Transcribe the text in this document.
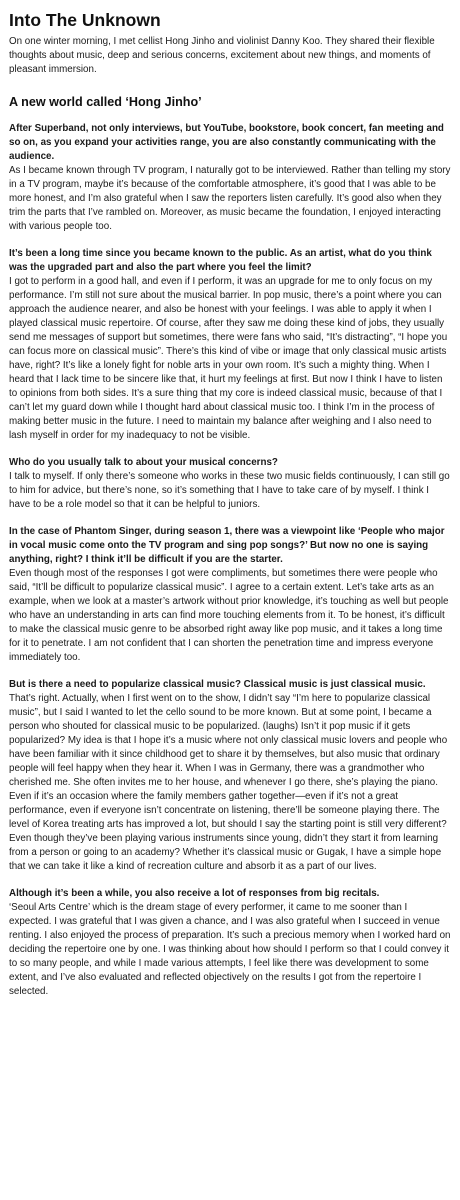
Into The Unknown

On one winter morning, I met cellist Hong Jinho and violinist Danny Koo. They shared their flexible thoughts about music, deep and serious concerns, excitement about new things, and moments of pleasant immersion.

A new world called ‘Hong Jinho’

After Superband, not only interviews, but YouTube, bookstore, book concert, fan meeting and so on, as you expand your activities range, you are also constantly communicating with the audience.

As I became known through TV program, I naturally got to be interviewed. Rather than telling my story in a TV program, maybe it’s because of the comfortable atmosphere, it’s good that I was able to be more honest, and I’m also grateful when I saw the reporters listen carefully. It’s good also when they trim the parts that I’ve rambled on. Moreover, as music became the foundation, I enjoyed interacting with various people too.

It’s been a long time since you became known to the public. As an artist, what do you think was the upgraded part and also the part where you feel the limit?

I got to perform in a good hall, and even if I perform, it was an upgrade for me to only focus on my performance. I’m still not sure about the musical barrier. In pop music, there’s a point where you can approach the audience nearer, and also be honest with your feelings. I was able to apply it when I played classical music repertoire. Of course, after they saw me doing these kind of jobs, they usually send me messages of support but sometimes, there were fans who said, “It’s distracting”, “I hope you can focus more on classical music”. There’s this kind of vibe or image that only classical music artists have, right? It’s like a lonely fight for noble arts in your own room. It’s such a mighty thing. When I heard that I lack time to be sincere like that, it hurt my feelings at first. But now I think I have to listen to opinions from both sides. It’s a sure thing that my core is indeed classical music, because of that I can’t let my guard down while I thought hard about classical music too. I think I’m in the process of making better music in the future. I need to maintain my balance after weighing and I also need to lash myself in order for my inadequacy to not be visible.

Who do you usually talk to about your musical concerns?

I talk to myself. If only there’s someone who works in these two music fields continuously, I can still go to him for advice, but there’s none, so it’s something that I have to take care of by myself. I think I have to be a role model so that it can be helpful to juniors.

In the case of Phantom Singer, during season 1, there was a viewpoint like ‘People who major in vocal music come onto the TV program and sing pop songs?’ But now no one is saying anything, right? I think it’ll be difficult if you are the starter.

Even though most of the responses I got were compliments, but sometimes there were people who said, “It’ll be difficult to popularize classical music”. I agree to a certain extent. Let’s take arts as an example, when we look at a master’s artwork without prior knowledge, it’s touching as well but people who have an understanding in arts can find more touching elements from it. To be honest, it’s difficult to make the classical music genre to be absorbed right away like pop music, and it takes a long time for it to penetrate. I am not confident that I can shorten the penetration time and impress everyone immediately too.

But is there a need to popularize classical music? Classical music is just classical music.

That’s right. Actually, when I first went on to the show, I didn’t say “I’m here to popularize classical music”, but I said I wanted to let the cello sound to be more known. But at some point, I became a person who shouted for classical music to be popularized. (laughs) Isn’t it pop music if it gets popularized? My idea is that I hope it’s a music where not only classical music lovers and people who have been familiar with it since childhood get to share it by themselves, but also music that ordinary people will feel happy when they hear it. When I was in Germany, there was a grandmother who cherished me. She often invites me to her house, and whenever I go there, she’s playing the piano. Even if it’s an occasion where the family members gather together—even if it’s not a great performance, even if everyone isn’t concentrate on listening, there’ll be someone playing there. The level of Korea treating arts has improved a lot, but should I say the starting point is still very different? Even though they’ve been playing various instruments since young, didn’t they start it from learning from a person or going to an academy? Whether it’s classical music or Gugak, I have a simple hope that we can take it like a kind of recreation culture and absorb it as a part of our lives.

Although it’s been a while, you also receive a lot of responses from big recitals.

‘Seoul Arts Centre’ which is the dream stage of every performer, it came to me sooner than I expected. I was grateful that I was given a chance, and I was also grateful when I succeed in venue renting. I also enjoyed the process of preparation. It’s such a precious memory when I worked hard on deciding the repertoire one by one. I was thinking about how should I perform so that I could convey it to so many people, and while I made various attempts, I feel like there was development to some extent, and I’ve also evaluated and reflected objectively on the results I got from the repertoire I selected.
